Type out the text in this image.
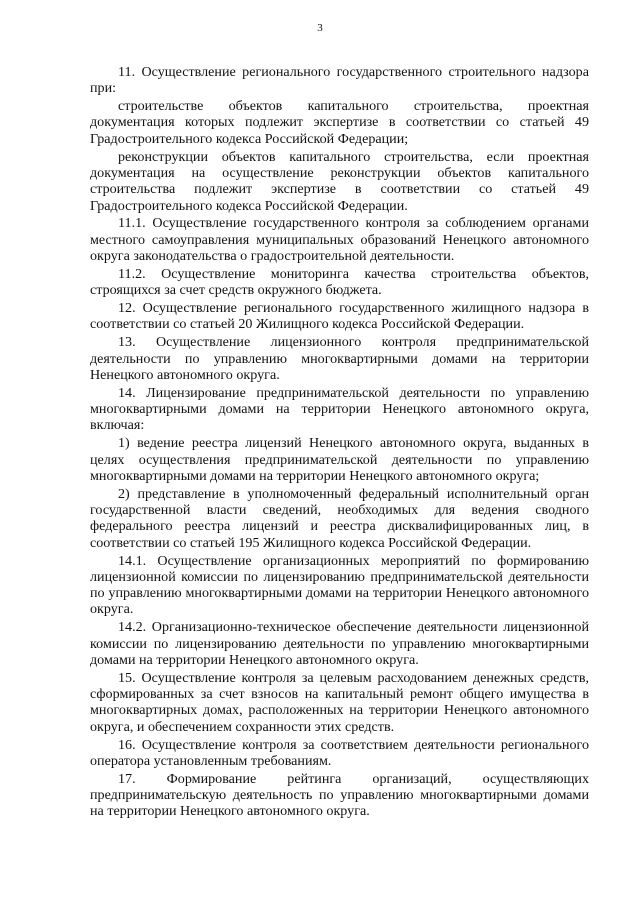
3

11. Осуществление регионального государственного строительного надзора при:

строительстве объектов капитального строительства, проектная документация которых подлежит экспертизе в соответствии со статьей 49 Градостроительного кодекса Российской Федерации;

реконструкции объектов капитального строительства, если проектная документация на осуществление реконструкции объектов капитального строительства подлежит экспертизе в соответствии со статьей 49 Градостроительного кодекса Российской Федерации.

11.1. Осуществление государственного контроля за соблюдением органами местного самоуправления муниципальных образований Ненецкого автономного округа законодательства о градостроительной деятельности.

11.2. Осуществление мониторинга качества строительства объектов, строящихся за счет средств окружного бюджета.

12. Осуществление регионального государственного жилищного надзора в соответствии со статьей 20 Жилищного кодекса Российской Федерации.

13. Осуществление лицензионного контроля предпринимательской деятельности по управлению многоквартирными домами на территории Ненецкого автономного округа.

14. Лицензирование предпринимательской деятельности по управлению многоквартирными домами на территории Ненецкого автономного округа, включая:

1) ведение реестра лицензий Ненецкого автономного округа, выданных в целях осуществления предпринимательской деятельности по управлению многоквартирными домами на территории Ненецкого автономного округа;

2) представление в уполномоченный федеральный исполнительный орган государственной власти сведений, необходимых для ведения сводного федерального реестра лицензий и реестра дисквалифицированных лиц, в соответствии со статьей 195 Жилищного кодекса Российской Федерации.

14.1. Осуществление организационных мероприятий по формированию лицензионной комиссии по лицензированию предпринимательской деятельности по управлению многоквартирными домами на территории Ненецкого автономного округа.

14.2. Организационно-техническое обеспечение деятельности лицензионной комиссии по лицензированию деятельности по управлению многоквартирными домами на территории Ненецкого автономного округа.

15. Осуществление контроля за целевым расходованием денежных средств, сформированных за счет взносов на капитальный ремонт общего имущества в многоквартирных домах, расположенных на территории Ненецкого автономного округа, и обеспечением сохранности этих средств.

16. Осуществление контроля за соответствием деятельности регионального оператора установленным требованиям.

17. Формирование рейтинга организаций, осуществляющих предпринимательскую деятельность по управлению многоквартирными домами на территории Ненецкого автономного округа.
